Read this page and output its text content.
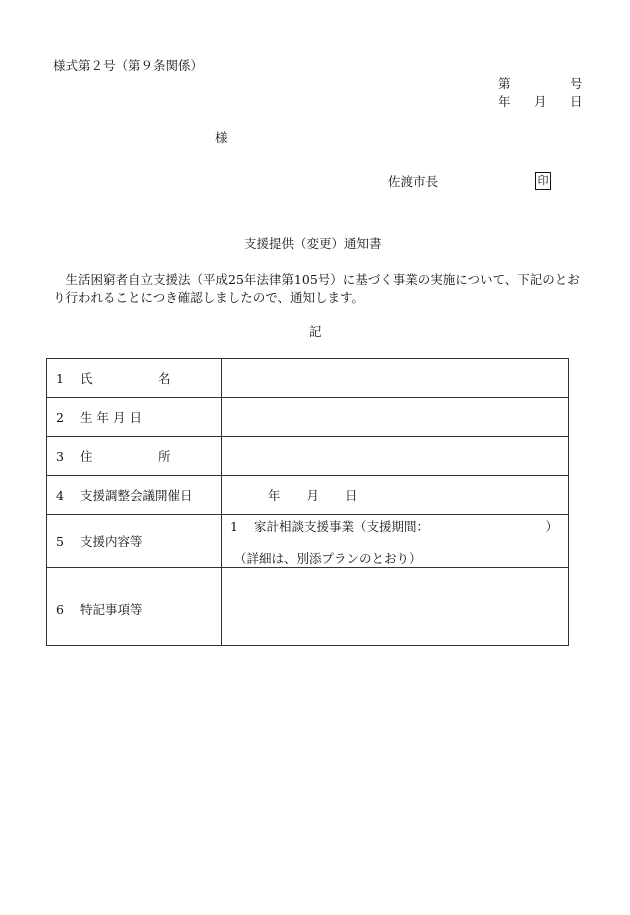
様式第２号（第９条関係）
第	号
年 月 日
様
佐渡市長	印
支援提供（変更）通知書
　生活困窮者自立支援法（平成25年法律第105号）に基づく事業の実施について、下記のとおり行われることにつき確認しましたので、通知します。
記
1 氏 名	
2 生年月日	
3 住 所	
4 支援調整会議開催日	年 月 日
5 支援内容等	1 家計相談支援事業（支援期間： ）
（詳細は、別添プランのとおり）

6 特記事項等	
